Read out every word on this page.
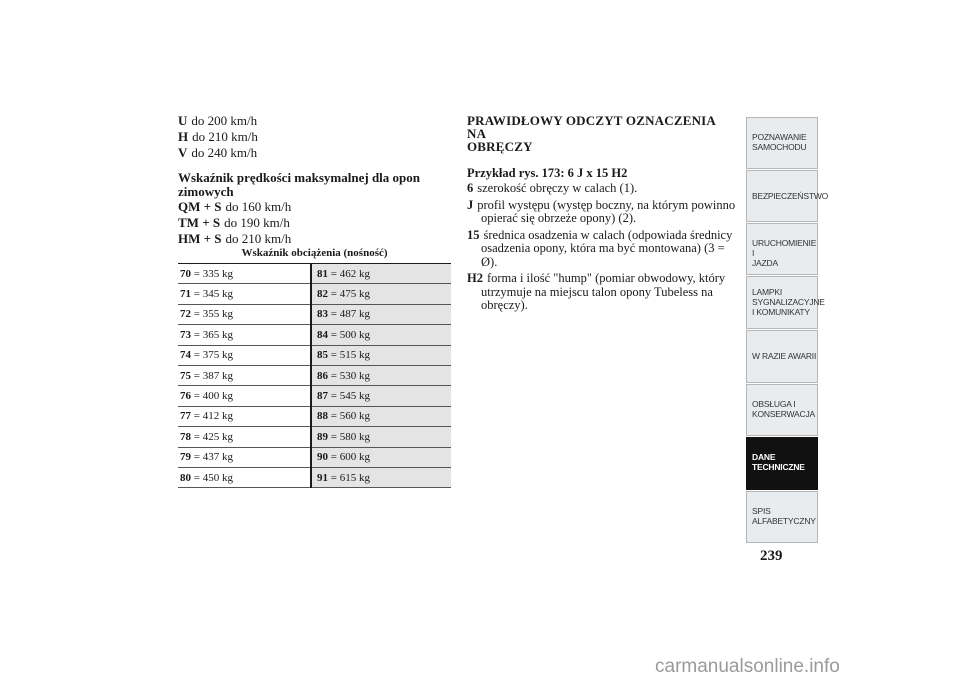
U do 200 km/h
H do 210 km/h
V do 240 km/h
Wskaźnik prędkości maksymalnej dla opon zimowych
QM + S do 160 km/h
TM + S do 190 km/h
HM + S do 210 km/h
Wskaźnik obciążenia (nośność)
70 = 335 kg	81 = 462 kg
71 = 345 kg	82 = 475 kg
72 = 355 kg	83 = 487 kg
73 = 365 kg	84 = 500 kg
74 = 375 kg	85 = 515 kg
75 = 387 kg	86 = 530 kg
76 = 400 kg	87 = 545 kg
77 = 412 kg	88 = 560 kg
78 = 425 kg	89 = 580 kg
79 = 437 kg	90 = 600 kg
80 = 450 kg	91 = 615 kg
PRAWIDŁOWY ODCZYT OZNACZENIA NA
OBRĘCZY
Przykład rys. 173: 6 J x 15 H2
6 szerokość obręczy w calach (1).
J profil występu (występ boczny, na którym powinno opierać się obrzeże opony) (2).
15 średnica osadzenia w calach (odpowiada średnicy osadzenia opony, która ma być montowana) (3 = Ø).
H2 forma i ilość "hump" (pomiar obwodowy, który utrzymuje na miejscu talon opony Tubeless na obręczy).
POZNAWANIE
SAMOCHODU
BEZPIECZEŃSTWO
URUCHOMIENIE I
JAZDA
LAMPKI
SYGNALIZACYJNE
I KOMUNIKATY
W RAZIE AWARII
OBSŁUGA I
KONSERWACJA
DANE
TECHNICZNE
SPIS
ALFABETYCZNY
239
carmanualsonline.info
